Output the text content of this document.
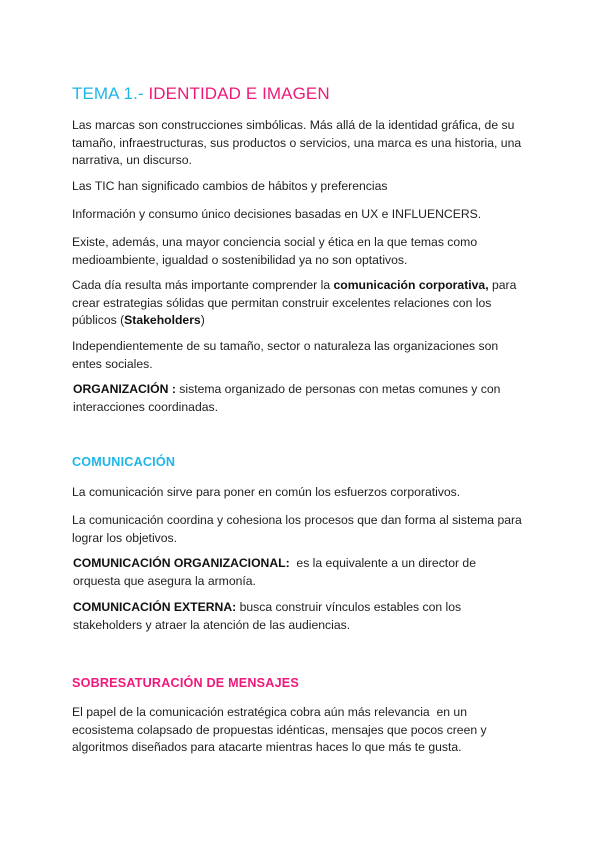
TEMA 1.- IDENTIDAD E IMAGEN

Las marcas son construcciones simbólicas. Más allá de la identidad gráfica, de su tamaño, infraestructuras, sus productos o servicios, una marca es una historia, una narrativa, un discurso.

Las TIC han significado cambios de hábitos y preferencias

Información y consumo único decisiones basadas en UX e INFLUENCERS.

Existe, además, una mayor conciencia social y ética en la que temas como medioambiente, igualdad o sostenibilidad ya no son optativos.

Cada día resulta más importante comprender la comunicación corporativa, para crear estrategias sólidas que permitan construir excelentes relaciones con los públicos (Stakeholders)

Independientemente de su tamaño, sector o naturaleza las organizaciones son entes sociales.

ORGANIZACIÓN : sistema organizado de personas con metas comunes y con interacciones coordinadas.

COMUNICACIÓN

La comunicación sirve para poner en común los esfuerzos corporativos.

La comunicación coordina y cohesiona los procesos que dan forma al sistema para lograr los objetivos.

COMUNICACIÓN ORGANIZACIONAL:  es la equivalente a un director de orquesta que asegura la armonía.

COMUNICACIÓN EXTERNA: busca construir vínculos estables con los stakeholders y atraer la atención de las audiencias.

SOBRESATURACIÓN DE MENSAJES

El papel de la comunicación estratégica cobra aún más relevancia  en un ecosistema colapsado de propuestas idénticas, mensajes que pocos creen y algoritmos diseñados para atacarte mientras haces lo que más te gusta.
